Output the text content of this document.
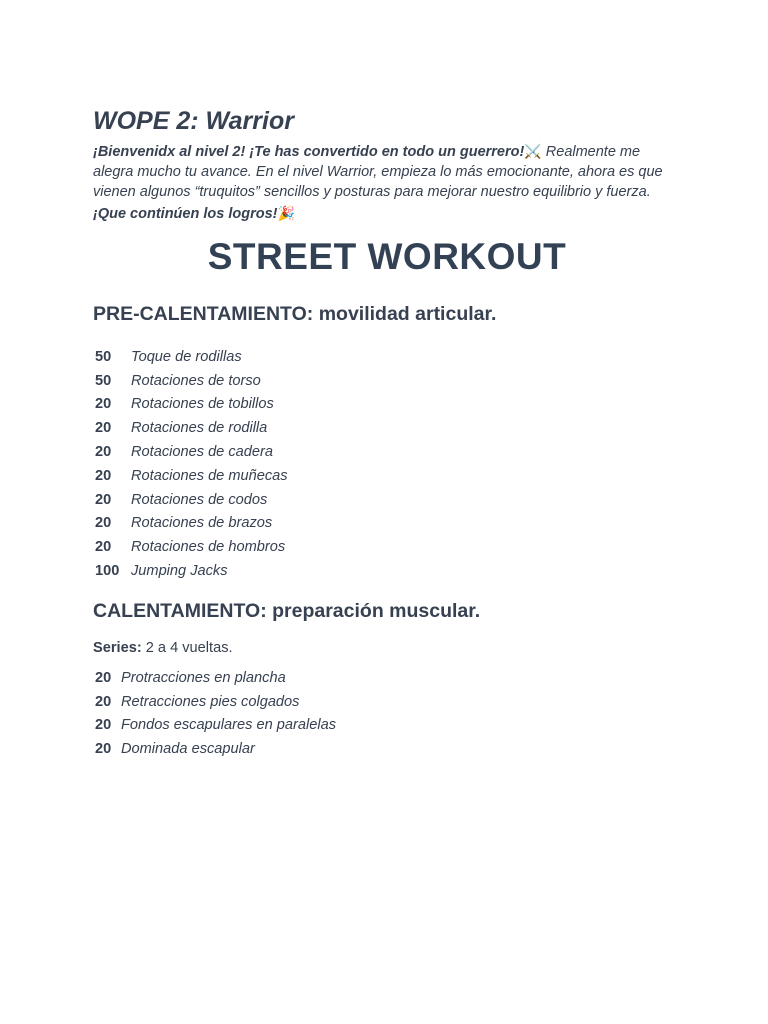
WOPE 2: Warrior

¡Bienvenidx al nivel 2! ¡Te has convertido en todo un guerrero!⚔️ Realmente me alegra mucho tu avance. En el nivel Warrior, empieza lo más emocionante, ahora es que vienen algunos “truquitos” sencillos y posturas para mejorar nuestro equilibrio y fuerza. ¡Que continúen los logros!🎉

STREET WORKOUT
PRE-CALENTAMIENTO: movilidad articular.
50	Toque de rodillas
50	Rotaciones de torso
20	Rotaciones de tobillos
20	Rotaciones de rodilla
20	Rotaciones de cadera
20	Rotaciones de muñecas
20	Rotaciones de codos
20	Rotaciones de brazos
20	Rotaciones de hombros
100	Jumping Jacks
CALENTAMIENTO: preparación muscular.

Series: 2 a 4 vueltas.

20	Protracciones en plancha
20	Retracciones pies colgados
20	Fondos escapulares en paralelas
20	Dominada escapular
